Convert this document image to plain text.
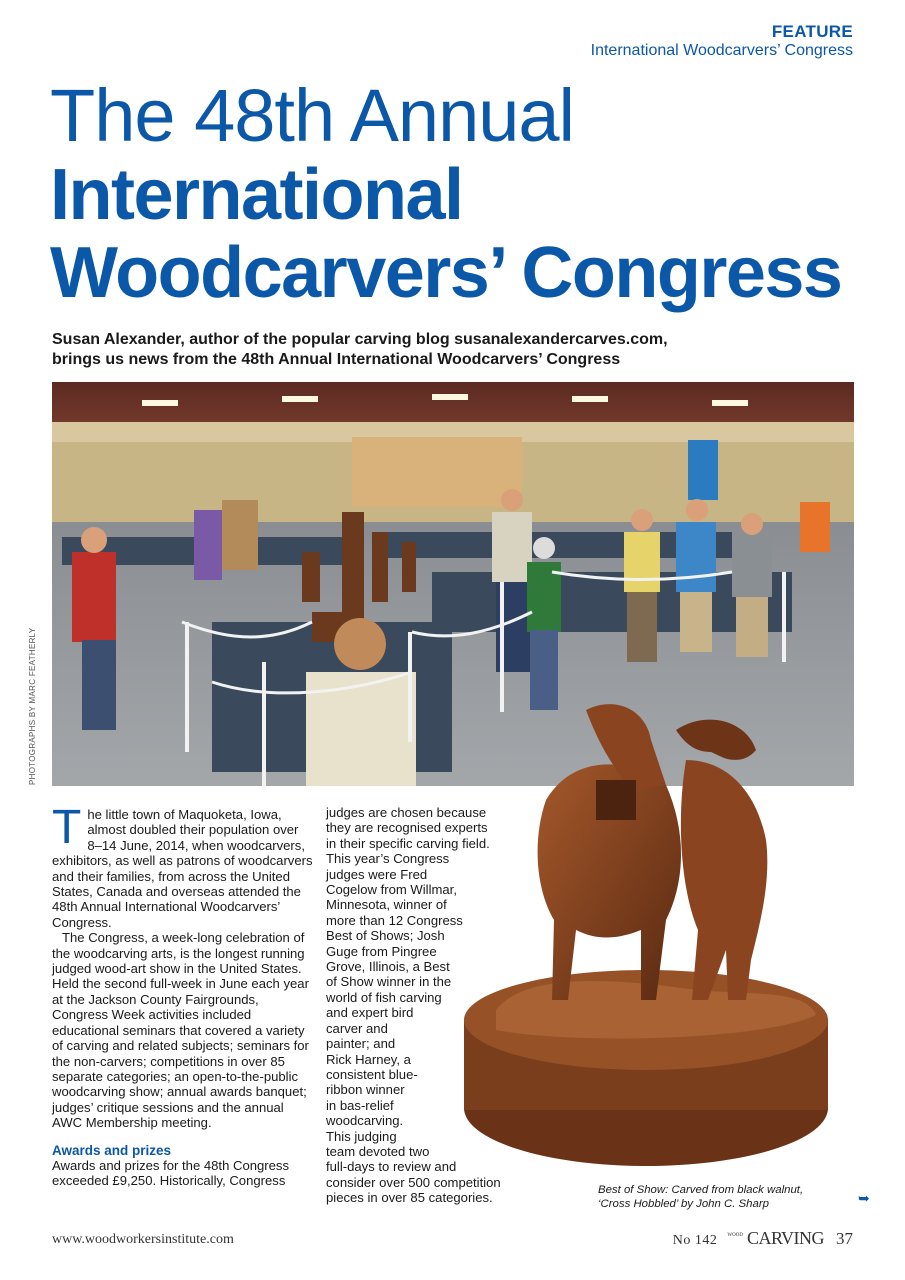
FEATURE
International Woodcarvers’ Congress
The 48th Annual
International
Woodcarvers’ Congress
Susan Alexander, author of the popular carving blog susanalexandercarves.com,
brings us news from the 48th Annual International Woodcarvers’ Congress
PHOTOGRAPHS BY MARC FEATHERLY

The little town of Maquoketa, Iowa, almost doubled their population over 8–14 June, 2014, when woodcarvers, exhibitors, as well as patrons of woodcarvers and their families, from across the United States, Canada and overseas attended the 48th Annual International Woodcarvers’ Congress.

The Congress, a week-long celebration of the woodcarving arts, is the longest running judged wood-art show in the United States. Held the second full-week in June each year at the Jackson County Fairgrounds, Congress Week activities included educational seminars that covered a variety of carving and related subjects; seminars for the non-carvers; competitions in over 85 separate categories; an open-to-the-public woodcarving show; annual awards banquet; judges’ critique sessions and the annual AWC Membership meeting.

Awards and prizes

Awards and prizes for the 48th Congress exceeded £9,250. Historically, Congress

judges are chosen because
they are recognised experts
in their specific carving field.
This year’s Congress
judges were Fred
Cogelow from Willmar,
Minnesota, winner of
more than 12 Congress
Best of Shows; Josh
Guge from Pingree
Grove, Illinois, a Best
of Show winner in the
world of fish carving
and expert bird
carver and
painter; and
Rick Harney, a
consistent blue-
ribbon winner
in bas-relief
woodcarving.
This judging
team devoted two
full-days to review and
consider over 500 competition
pieces in over 85 categories.
Best of Show: Carved from black walnut,
‘Cross Hobbled’ by John C. Sharp	➥
www.woodworkersinstitute.com	No 142 $^{WOOD}$ CARVING 37
